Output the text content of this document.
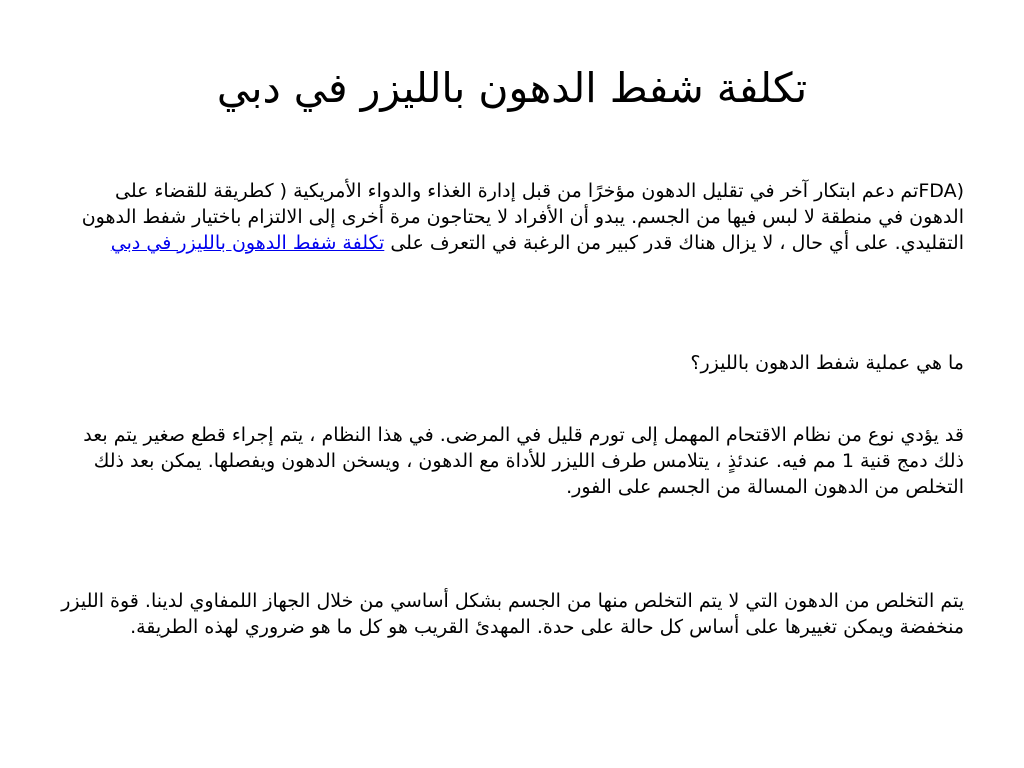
تكلفة شفط الدهون بالليزر في دبي

(FDAتم دعم ابتكار آخر في تقليل الدهون مؤخرًا من قبل إدارة الغذاء والدواء الأمريكية ( كطريقة للقضاء على الدهون في منطقة لا لبس فيها من الجسم. يبدو أن الأفراد لا يحتاجون مرة أخرى إلى الالتزام باختيار شفط الدهون التقليدي. على أي حال ، لا يزال هناك قدر كبير من الرغبة في التعرف على تكلفة شفط الدهون بالليزر في دبي

ما هي عملية شفط الدهون بالليزر؟

قد يؤدي نوع من نظام الاقتحام المهمل إلى تورم قليل في المرضى. في هذا النظام ، يتم إجراء قطع صغير يتم بعد ذلك دمج قنية 1 مم فيه. عندئذٍ ، يتلامس طرف الليزر للأداة مع الدهون ، ويسخن الدهون ويفصلها. يمكن بعد ذلك التخلص من الدهون المسالة من الجسم على الفور.

يتم التخلص من الدهون التي لا يتم التخلص منها من الجسم بشكل أساسي من خلال الجهاز اللمفاوي لدينا. قوة الليزر منخفضة ويمكن تغييرها على أساس كل حالة على حدة. المهدئ القريب هو كل ما هو ضروري لهذه الطريقة.
